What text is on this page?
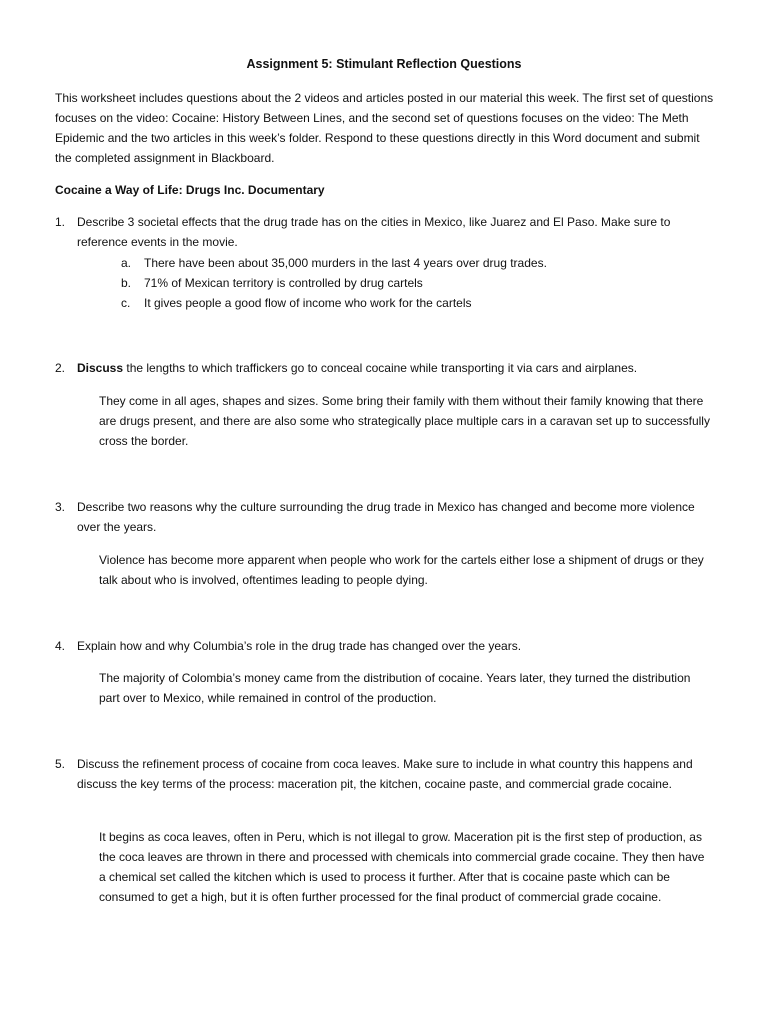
Assignment 5: Stimulant Reflection Questions
This worksheet includes questions about the 2 videos and articles posted in our material this week. The first set of questions focuses on the video: Cocaine: History Between Lines, and the second set of questions focuses on the video: The Meth Epidemic and the two articles in this week’s folder. Respond to these questions directly in this Word document and submit the completed assignment in Blackboard.
Cocaine a Way of Life: Drugs Inc. Documentary
1. Describe 3 societal effects that the drug trade has on the cities in Mexico, like Juarez and El Paso. Make sure to reference events in the movie.
a. There have been about 35,000 murders in the last 4 years over drug trades.
b. 71% of Mexican territory is controlled by drug cartels
c. It gives people a good flow of income who work for the cartels
2. Discuss the lengths to which traffickers go to conceal cocaine while transporting it via cars and airplanes.
They come in all ages, shapes and sizes. Some bring their family with them without their family knowing that there are drugs present, and there are also some who strategically place multiple cars in a caravan set up to successfully cross the border.
3. Describe two reasons why the culture surrounding the drug trade in Mexico has changed and become more violence over the years.
Violence has become more apparent when people who work for the cartels either lose a shipment of drugs or they talk about who is involved, oftentimes leading to people dying.
4. Explain how and why Columbia’s role in the drug trade has changed over the years.
The majority of Colombia’s money came from the distribution of cocaine. Years later, they turned the distribution part over to Mexico, while remained in control of the production.
5. Discuss the refinement process of cocaine from coca leaves. Make sure to include in what country this happens and discuss the key terms of the process: maceration pit, the kitchen, cocaine paste, and commercial grade cocaine.
It begins as coca leaves, often in Peru, which is not illegal to grow. Maceration pit is the first step of production, as the coca leaves are thrown in there and processed with chemicals into commercial grade cocaine. They then have a chemical set called the kitchen which is used to process it further. After that is cocaine paste which can be consumed to get a high, but it is often further processed for the final product of commercial grade cocaine.
